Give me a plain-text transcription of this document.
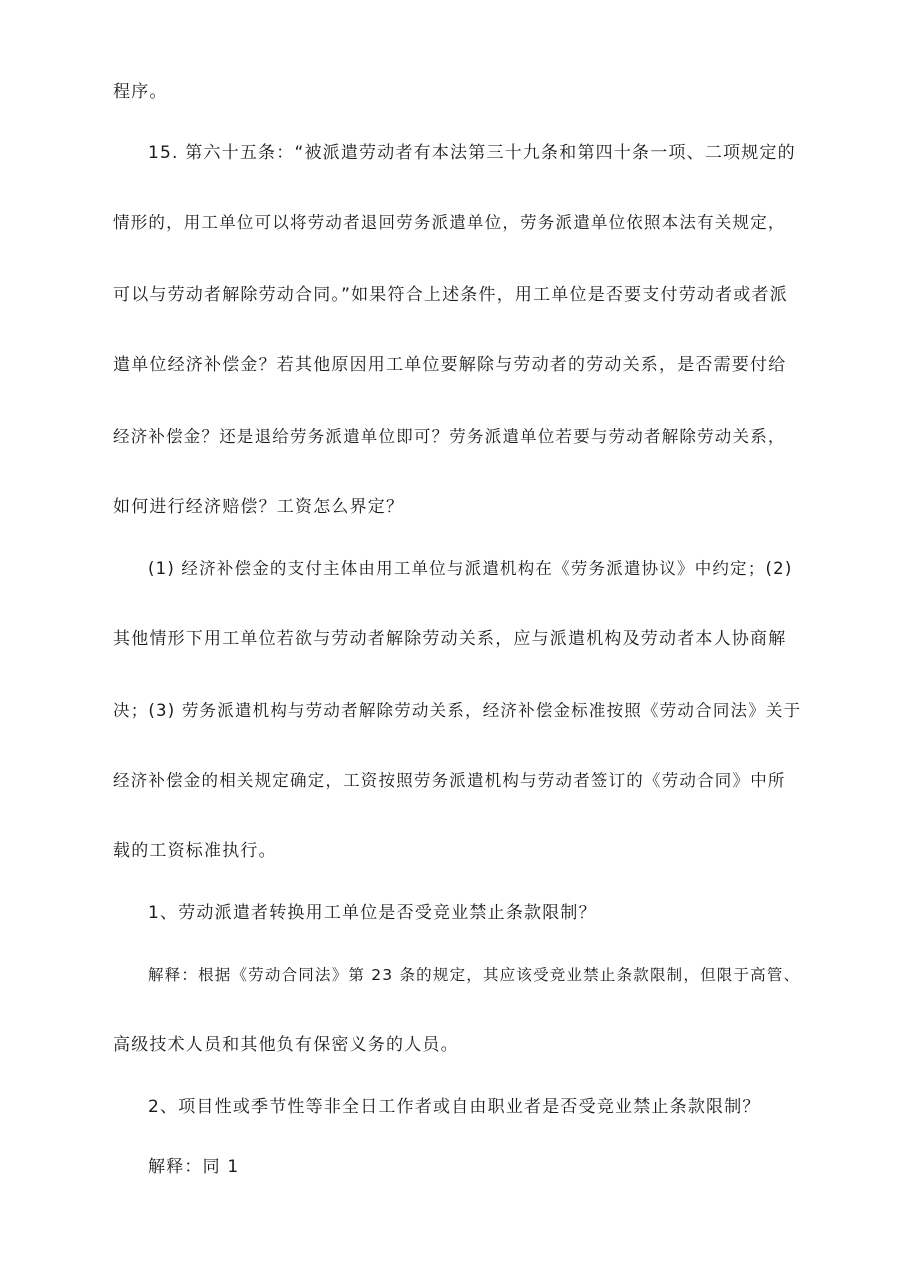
程序。
15. 第六十五条：“被派遣劳动者有本法第三十九条和第四十条一项、二项规定的
情形的，用工单位可以将劳动者退回劳务派遣单位，劳务派遣单位依照本法有关规定，
可以与劳动者解除劳动合同。”如果符合上述条件，用工单位是否要支付劳动者或者派
遣单位经济补偿金？若其他原因用工单位要解除与劳动者的劳动关系，是否需要付给
经济补偿金？还是退给劳务派遣单位即可？劳务派遣单位若要与劳动者解除劳动关系，
如何进行经济赔偿？工资怎么界定？
(1) 经济补偿金的支付主体由用工单位与派遣机构在《劳务派遣协议》中约定；(2)
其他情形下用工单位若欲与劳动者解除劳动关系，应与派遣机构及劳动者本人协商解
决；(3) 劳务派遣机构与劳动者解除劳动关系，经济补偿金标准按照《劳动合同法》关于
经济补偿金的相关规定确定，工资按照劳务派遣机构与劳动者签订的《劳动合同》中所
载的工资标准执行。
1、劳动派遣者转换用工单位是否受竞业禁止条款限制？
解释：根据《劳动合同法》第 23 条的规定，其应该受竞业禁止条款限制，但限于高管、
高级技术人员和其他负有保密义务的人员。
2、项目性或季节性等非全日工作者或自由职业者是否受竞业禁止条款限制？
解释：同 1
